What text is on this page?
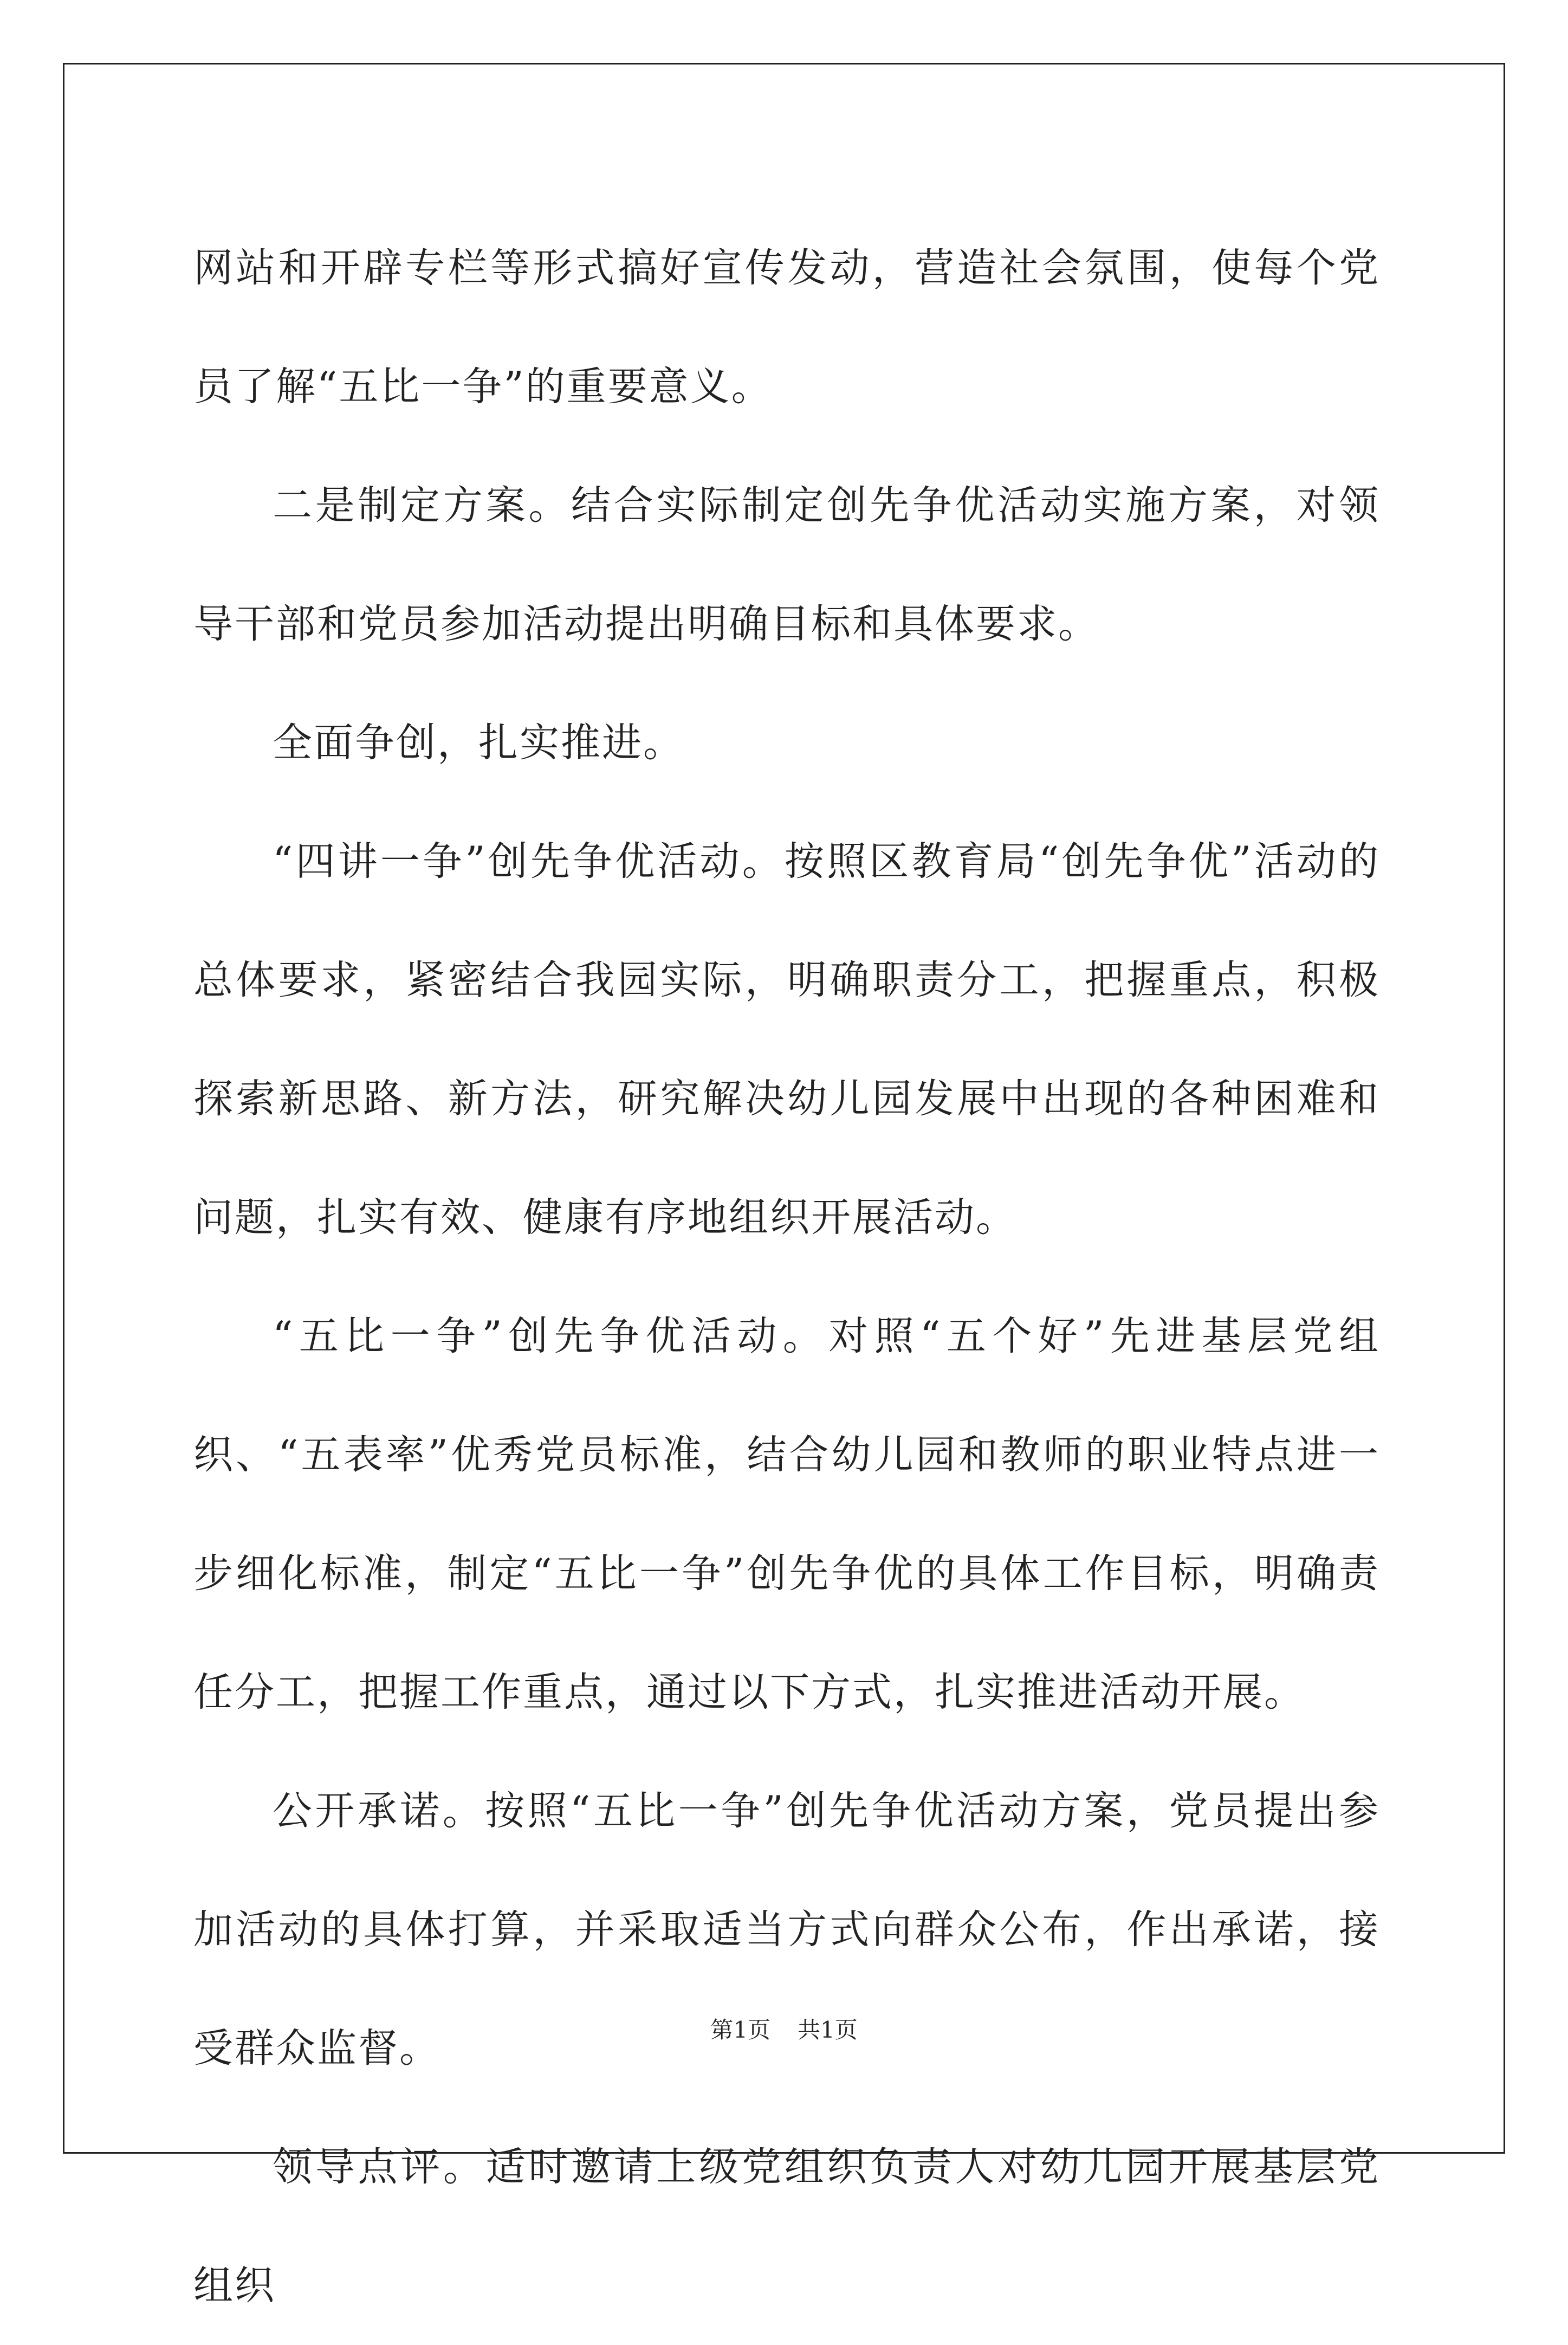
网站和开辟专栏等形式搞好宣传发动，营造社会氛围，使每个党员了解“五比一争”的重要意义。

二是制定方案。结合实际制定创先争优活动实施方案，对领导干部和党员参加活动提出明确目标和具体要求。

全面争创，扎实推进。

“四讲一争”创先争优活动。按照区教育局“创先争优”活动的总体要求，紧密结合我园实际，明确职责分工，把握重点，积极探索新思路、新方法，研究解决幼儿园发展中出现的各种困难和问题，扎实有效、健康有序地组织开展活动。

“五比一争”创先争优活动。对照“五个好”先进基层党组织、“五表率”优秀党员标准，结合幼儿园和教师的职业特点进一步细化标准，制定“五比一争”创先争优的具体工作目标，明确责任分工，把握工作重点，通过以下方式，扎实推进活动开展。

公开承诺。按照“五比一争”创先争优活动方案，党员提出参加活动的具体打算，并采取适当方式向群众公布，作出承诺，接受群众监督。

领导点评。适时邀请上级党组织负责人对幼儿园开展基层党组织

第1页 共1页
